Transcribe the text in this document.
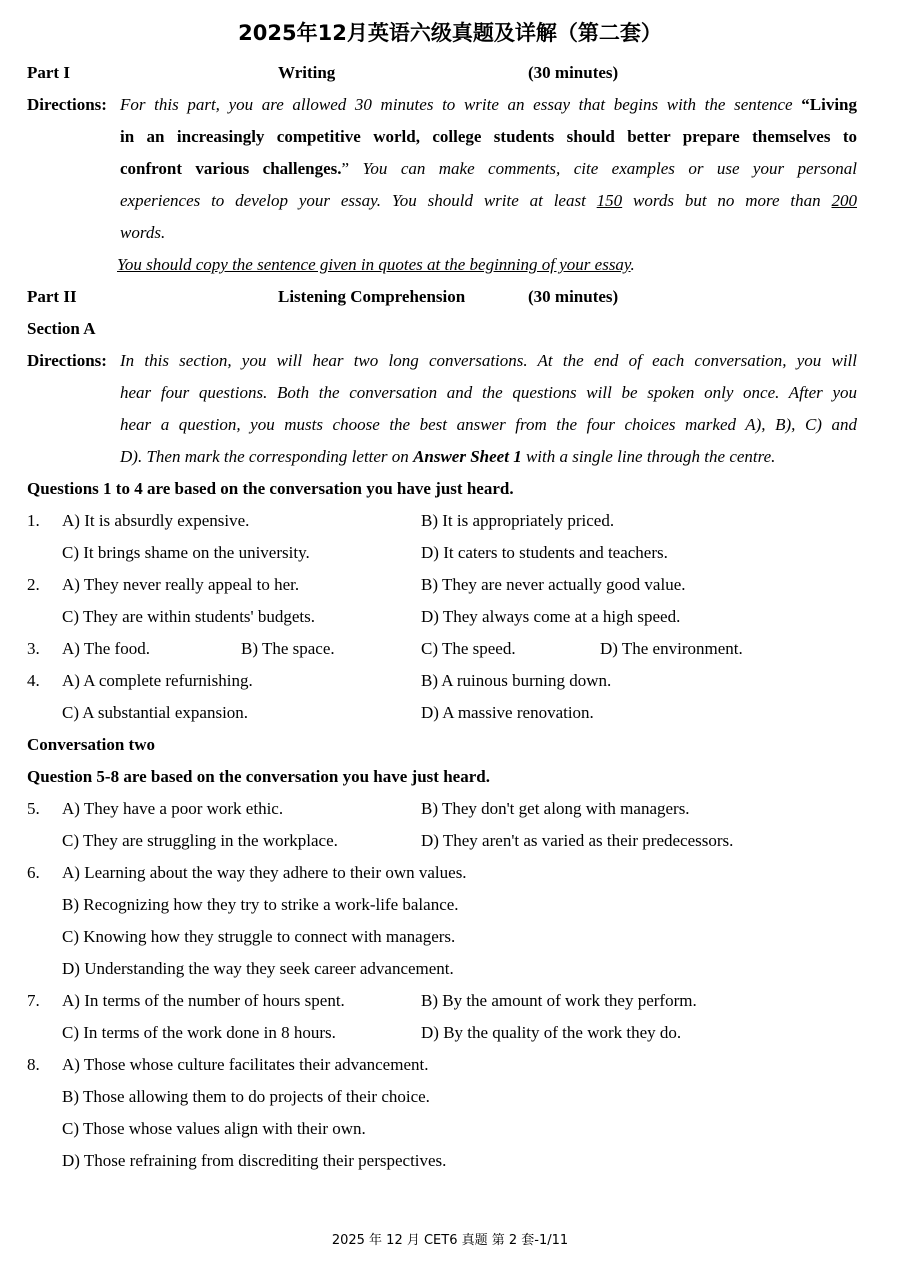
2025年12月英语六级真题及详解（第二套）
Part I	Writing	(30 minutes)
Directions: For this part, you are allowed 30 minutes to write an essay that begins with the sentence “Living
in an increasingly competitive world, college students should better prepare themselves to
confront various challenges.” You can make comments, cite examples or use your personal
experiences to develop your essay. You should write at least 150 words but no more than 200
words.
You should copy the sentence given in quotes at the beginning of your essay.
Part II	Listening Comprehension	(30 minutes)
Section A
Directions: In this section, you will hear two long conversations. At the end of each conversation, you will
hear four questions. Both the conversation and the questions will be spoken only once. After you
hear a question, you musts choose the best answer from the four choices marked A), B), C) and
D). Then mark the corresponding letter on Answer Sheet 1 with a single line through the centre.
Questions 1 to 4 are based on the conversation you have just heard.
1. A) It is absurdly expensive.	B) It is appropriately priced.
C) It brings shame on the university.	D) It caters to students and teachers.
2. A) They never really appeal to her.	B) They are never actually good value.
C) They are within students' budgets.	D) They always come at a high speed.
3. A) The food.	B) The space.	C) The speed.	D) The environment.
4. A) A complete refurnishing.	B) A ruinous burning down.
C) A substantial expansion.	D) A massive renovation.
Conversation two
Question 5-8 are based on the conversation you have just heard.
5. A) They have a poor work ethic.	B) They don't get along with managers.
C) They are struggling in the workplace.	D) They aren't as varied as their predecessors.
6. A) Learning about the way they adhere to their own values.
B) Recognizing how they try to strike a work-life balance.
C) Knowing how they struggle to connect with managers.
D) Understanding the way they seek career advancement.
7. A) In terms of the number of hours spent.	B) By the amount of work they perform.
C) In terms of the work done in 8 hours.	D) By the quality of the work they do.
8. A) Those whose culture facilitates their advancement.
B) Those allowing them to do projects of their choice.
C) Those whose values align with their own.
D) Those refraining from discrediting their perspectives.
2025 年 12 月 CET6 真题 第 2 套-1/11
